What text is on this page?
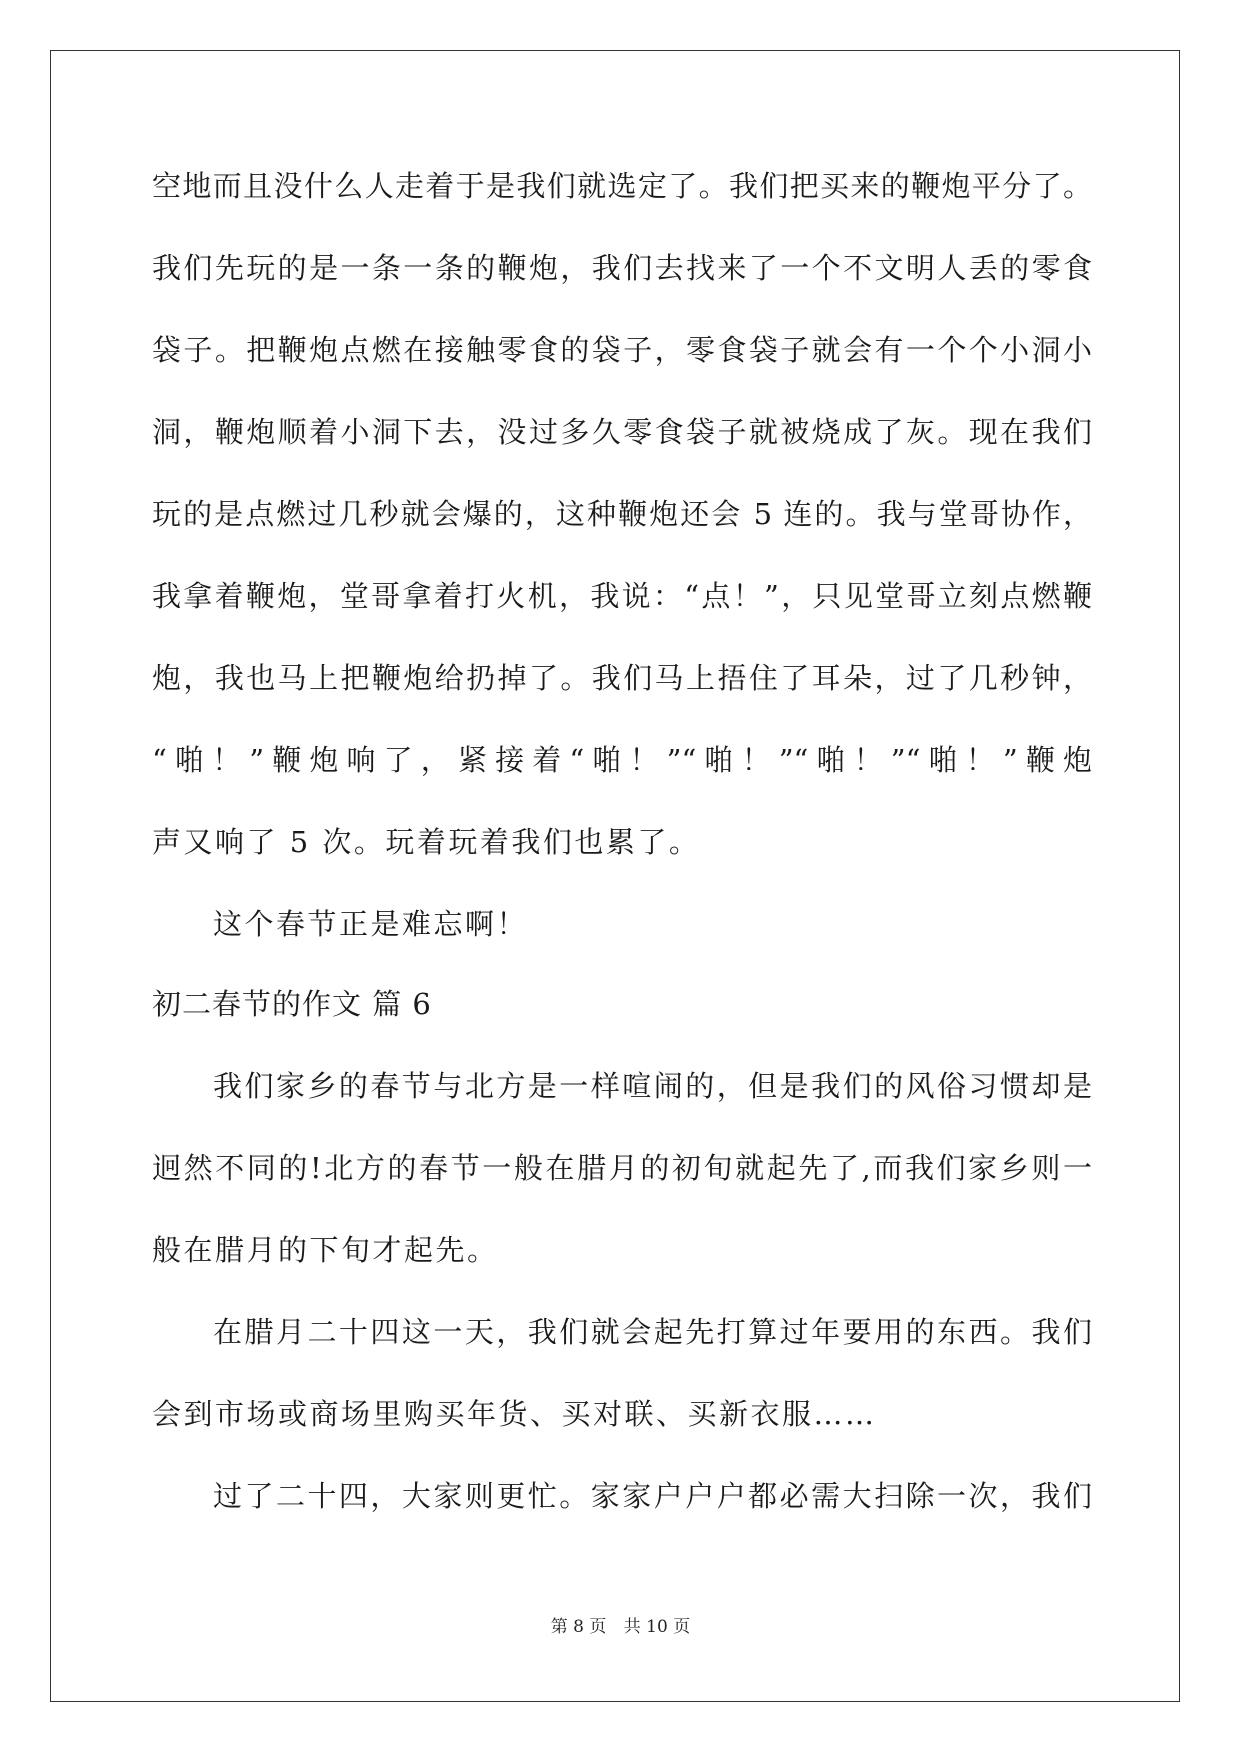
空地而且没什么人走着于是我们就选定了。我们把买来的鞭炮平分了。
我们先玩的是一条一条的鞭炮，我们去找来了一个不文明人丢的零食
袋子。把鞭炮点燃在接触零食的袋子，零食袋子就会有一个个小洞小
洞，鞭炮顺着小洞下去，没过多久零食袋子就被烧成了灰。现在我们
玩的是点燃过几秒就会爆的，这种鞭炮还会 5 连的。我与堂哥协作，
我拿着鞭炮，堂哥拿着打火机，我说：“点！”，只见堂哥立刻点燃鞭
炮，我也马上把鞭炮给扔掉了。我们马上捂住了耳朵，过了几秒钟，
“啪！”鞭炮响了，紧接着“啪！”“啪！”“啪！”“啪！”鞭炮
声又响了 5 次。玩着玩着我们也累了。
这个春节正是难忘啊！
初二春节的作文 篇 6
我们家乡的春节与北方是一样喧闹的，但是我们的风俗习惯却是
迥然不同的!北方的春节一般在腊月的初旬就起先了,而我们家乡则一
般在腊月的下旬才起先。
在腊月二十四这一天，我们就会起先打算过年要用的东西。我们
会到市场或商场里购买年货、买对联、买新衣服……
过了二十四，大家则更忙。家家户户户都必需大扫除一次，我们
第 8 页 共 10 页
